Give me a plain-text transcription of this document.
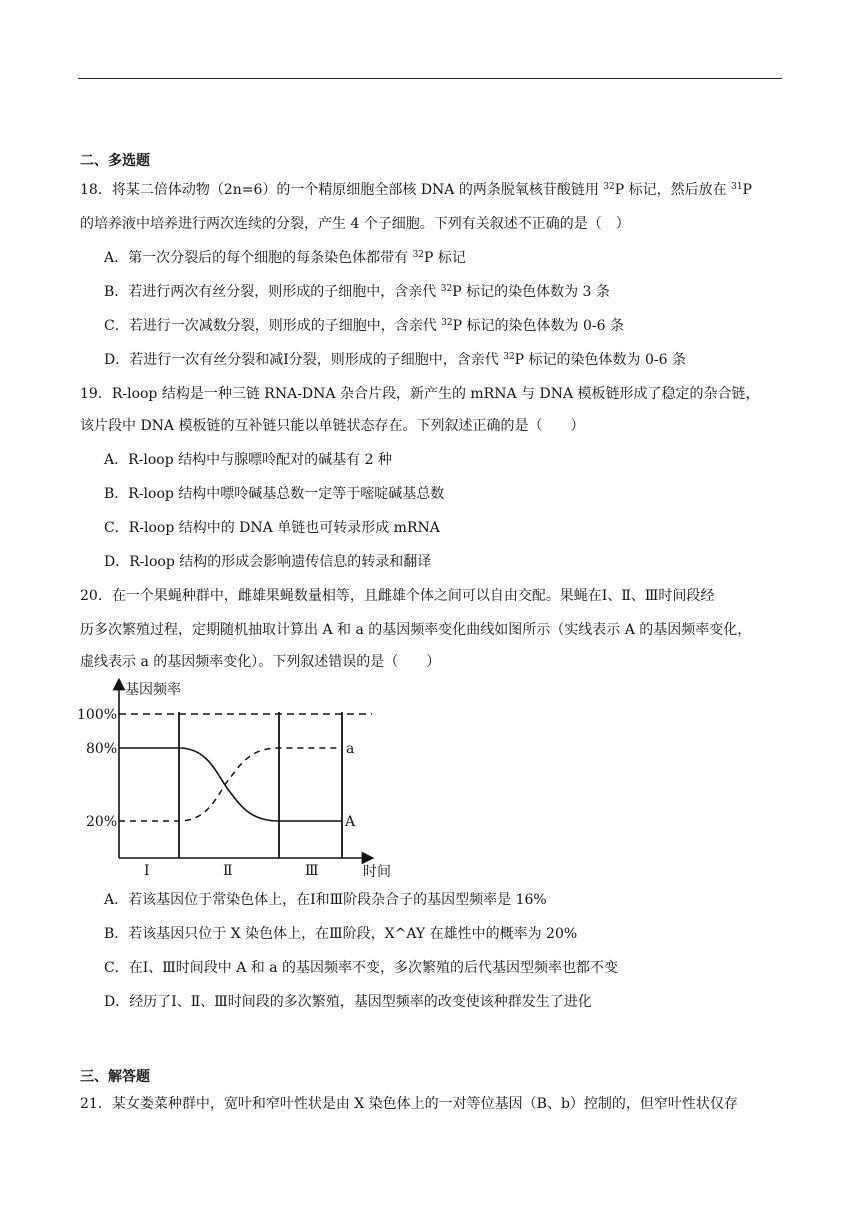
二、多选题
18．将某二倍体动物（2n=6）的一个精原细胞全部核 DNA 的两条脱氧核苷酸链用 $^{32}$P 标记，然后放在 $^{31}$P
的培养液中培养进行两次连续的分裂，产生 4 个子细胞。下列有关叙述不正确的是（　）
A．第一次分裂后的每个细胞的每条染色体都带有 $^{32}$P 标记
B．若进行两次有丝分裂，则形成的子细胞中，含亲代 $^{32}$P 标记的染色体数为 3 条
C．若进行一次减数分裂，则形成的子细胞中，含亲代 $^{32}$P 标记的染色体数为 0-6 条
D．若进行一次有丝分裂和减Ⅰ分裂，则形成的子细胞中，含亲代 $^{32}$P 标记的染色体数为 0-6 条
19．R-loop 结构是一种三链 RNA-DNA 杂合片段，新产生的 mRNA 与 DNA 模板链形成了稳定的杂合链，
该片段中 DNA 模板链的互补链只能以单链状态存在。下列叙述正确的是（　　）
A．R-loop 结构中与腺嘌呤配对的碱基有 2 种
B．R-loop 结构中嘌呤碱基总数一定等于嘧啶碱基总数
C．R-loop 结构中的 DNA 单链也可转录形成 mRNA
D．R-loop 结构的形成会影响遗传信息的转录和翻译
20．在一个果蝇种群中，雌雄果蝇数量相等，且雌雄个体之间可以自由交配。果蝇在Ⅰ、Ⅱ、Ⅲ时间段经
历多次繁殖过程，定期随机抽取计算出 A 和 a 的基因频率变化曲线如图所示（实线表示 A 的基因频率变化，
虚线表示 a 的基因频率变化）。下列叙述错误的是（　　）
基因频率
时间
100%
80%
20%
a
A
Ⅰ	Ⅱ	Ⅲ
A．若该基因位于常染色体上，在Ⅰ和Ⅲ阶段杂合子的基因型频率是 16%
B．若该基因只位于 X 染色体上，在Ⅲ阶段，X^AY 在雄性中的概率为 20%
C．在Ⅰ、Ⅲ时间段中 A 和 a 的基因频率不变，多次繁殖的后代基因型频率也都不变
D．经历了Ⅰ、Ⅱ、Ⅲ时间段的多次繁殖，基因型频率的改变使该种群发生了进化
三、解答题
21．某女娄菜种群中，宽叶和窄叶性状是由 X 染色体上的一对等位基因（B、b）控制的，但窄叶性状仅存
